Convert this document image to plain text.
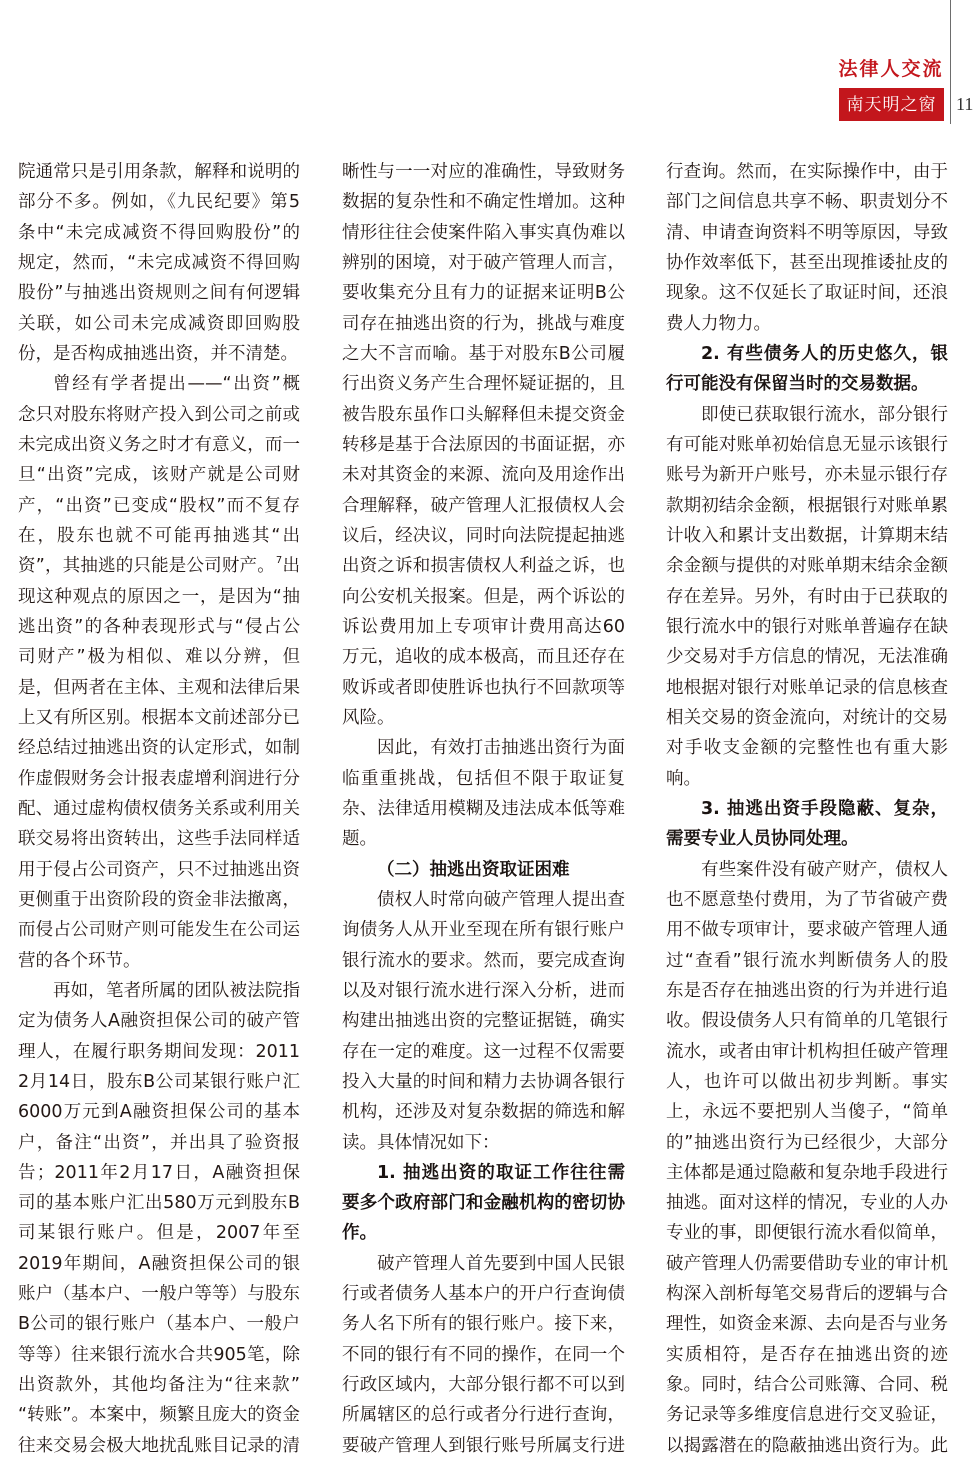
法律人交流
南天明之窗	11
院通常只是引用条款，解释和说明的
部分不多。例如，《九民纪要》第5
条中“未完成减资不得回购股份”的
规定，然而，“未完成减资不得回购
股份”与抽逃出资规则之间有何逻辑
关联，如公司未完成减资即回购股
份，是否构成抽逃出资，并不清楚。
曾经有学者提出——“出资”概
念只对股东将财产投入到公司之前或
未完成出资义务之时才有意义，而一
旦“出资”完成，该财产就是公司财
产，“出资”已变成“股权”而不复存
在，股东也就不可能再抽逃其“出
资”，其抽逃的只能是公司财产。$^7$出
现这种观点的原因之一，是因为“抽
逃出资”的各种表现形式与“侵占公
司财产”极为相似、难以分辨，但
是，但两者在主体、主观和法律后果
上又有所区别。根据本文前述部分已
经总结过抽逃出资的认定形式，如制
作虚假财务会计报表虚增利润进行分
配、通过虚构债权债务关系或利用关
联交易将出资转出，这些手法同样适
用于侵占公司资产，只不过抽逃出资
更侧重于出资阶段的资金非法撤离，
而侵占公司财产则可能发生在公司运
营的各个环节。
再如，笔者所属的团队被法院指
定为债务人A融资担保公司的破产管
理人，在履行职务期间发现：2011
2月14日，股东B公司某银行账户汇
6000万元到A融资担保公司的基本
户，备注“出资”，并出具了验资报
告；2011年2月17日，A融资担保
司的基本账户汇出580万元到股东B
司某银行账户。但是，2007年至
2019年期间，A融资担保公司的银
账户（基本户、一般户等等）与股东
B公司的银行账户（基本户、一般户
等等）往来银行流水合共905笔，除
出资款外，其他均备注为“往来款”
“转账”。本案中，频繁且庞大的资金
往来交易会极大地扰乱账目记录的清
晰性与一一对应的准确性，导致财务
数据的复杂性和不确定性增加。这种
情形往往会使案件陷入事实真伪难以
辨别的困境，对于破产管理人而言，
要收集充分且有力的证据来证明B公
司存在抽逃出资的行为，挑战与难度
之大不言而喻。基于对股东B公司履
行出资义务产生合理怀疑证据的，且
被告股东虽作口头解释但未提交资金
转移是基于合法原因的书面证据，亦
未对其资金的来源、流向及用途作出
合理解释，破产管理人汇报债权人会
议后，经决议，同时向法院提起抽逃
出资之诉和损害债权人利益之诉，也
向公安机关报案。但是，两个诉讼的
诉讼费用加上专项审计费用高达60
万元，追收的成本极高，而且还存在
败诉或者即使胜诉也执行不回款项等
风险。
因此，有效打击抽逃出资行为面
临重重挑战，包括但不限于取证复
杂、法律适用模糊及违法成本低等难
题。
（二）抽逃出资取证困难
债权人时常向破产管理人提出查
询债务人从开业至现在所有银行账户
银行流水的要求。然而，要完成查询
以及对银行流水进行深入分析，进而
构建出抽逃出资的完整证据链，确实
存在一定的难度。这一过程不仅需要
投入大量的时间和精力去协调各银行
机构，还涉及对复杂数据的筛选和解
读。具体情况如下：
1. 抽逃出资的取证工作往往需
要多个政府部门和金融机构的密切协
作。
破产管理人首先要到中国人民银
行或者债务人基本户的开户行查询债
务人名下所有的银行账户。接下来，
不同的银行有不同的操作，在同一个
行政区域内，大部分银行都不可以到
所属辖区的总行或者分行进行查询，
要破产管理人到银行账号所属支行进
行查询。然而，在实际操作中，由于
部门之间信息共享不畅、职责划分不
清、申请查询资料不明等原因，导致
协作效率低下，甚至出现推诿扯皮的
现象。这不仅延长了取证时间，还浪
费人力物力。
2. 有些债务人的历史悠久，银
行可能没有保留当时的交易数据。
即使已获取银行流水，部分银行
有可能对账单初始信息无显示该银行
账号为新开户账号，亦未显示银行存
款期初结余金额，根据银行对账单累
计收入和累计支出数据，计算期末结
余金额与提供的对账单期末结余金额
存在差异。另外，有时由于已获取的
银行流水中的银行对账单普遍存在缺
少交易对手方信息的情况，无法准确
地根据对银行对账单记录的信息核查
相关交易的资金流向，对统计的交易
对手收支金额的完整性也有重大影
响。
3. 抽逃出资手段隐蔽、复杂，
需要专业人员协同处理。
有些案件没有破产财产，债权人
也不愿意垫付费用，为了节省破产费
用不做专项审计，要求破产管理人通
过“查看”银行流水判断债务人的股
东是否存在抽逃出资的行为并进行追
收。假设债务人只有简单的几笔银行
流水，或者由审计机构担任破产管理
人，也许可以做出初步判断。事实
上，永远不要把别人当傻子，“简单
的”抽逃出资行为已经很少，大部分
主体都是通过隐蔽和复杂地手段进行
抽逃。面对这样的情况，专业的人办
专业的事，即便银行流水看似简单，
破产管理人仍需要借助专业的审计机
构深入剖析每笔交易背后的逻辑与合
理性，如资金来源、去向是否与业务
实质相符，是否存在抽逃出资的迹
象。同时，结合公司账簿、合同、税
务记录等多维度信息进行交叉验证，
以揭露潜在的隐蔽抽逃出资行为。此
